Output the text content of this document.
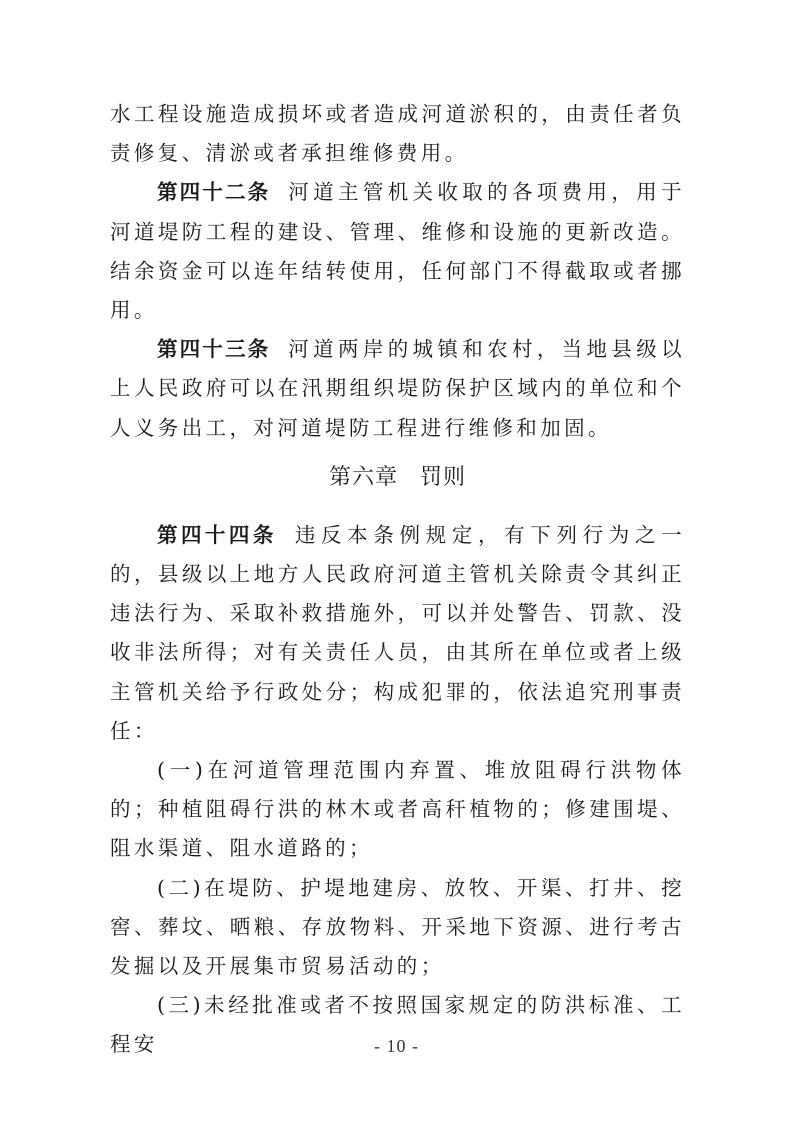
水工程设施造成损坏或者造成河道淤积的，由责任者负责修复、清淤或者承担维修费用。

第四十二条 河道主管机关收取的各项费用，用于河道堤防工程的建设、管理、维修和设施的更新改造。结余资金可以连年结转使用，任何部门不得截取或者挪用。

第四十三条 河道两岸的城镇和农村，当地县级以上人民政府可以在汛期组织堤防保护区域内的单位和个人义务出工，对河道堤防工程进行维修和加固。

第六章 罚则

第四十四条 违反本条例规定，有下列行为之一的，县级以上地方人民政府河道主管机关除责令其纠正违法行为、采取补救措施外，可以并处警告、罚款、没收非法所得；对有关责任人员，由其所在单位或者上级主管机关给予行政处分；构成犯罪的，依法追究刑事责任：

(一)在河道管理范围内弃置、堆放阻碍行洪物体的；种植阻碍行洪的林木或者高秆植物的；修建围堤、阻水渠道、阻水道路的；

(二)在堤防、护堤地建房、放牧、开渠、打井、挖窖、葬坟、晒粮、存放物料、开采地下资源、进行考古发掘以及开展集市贸易活动的；

(三)未经批准或者不按照国家规定的防洪标准、工程安	- 10 -
